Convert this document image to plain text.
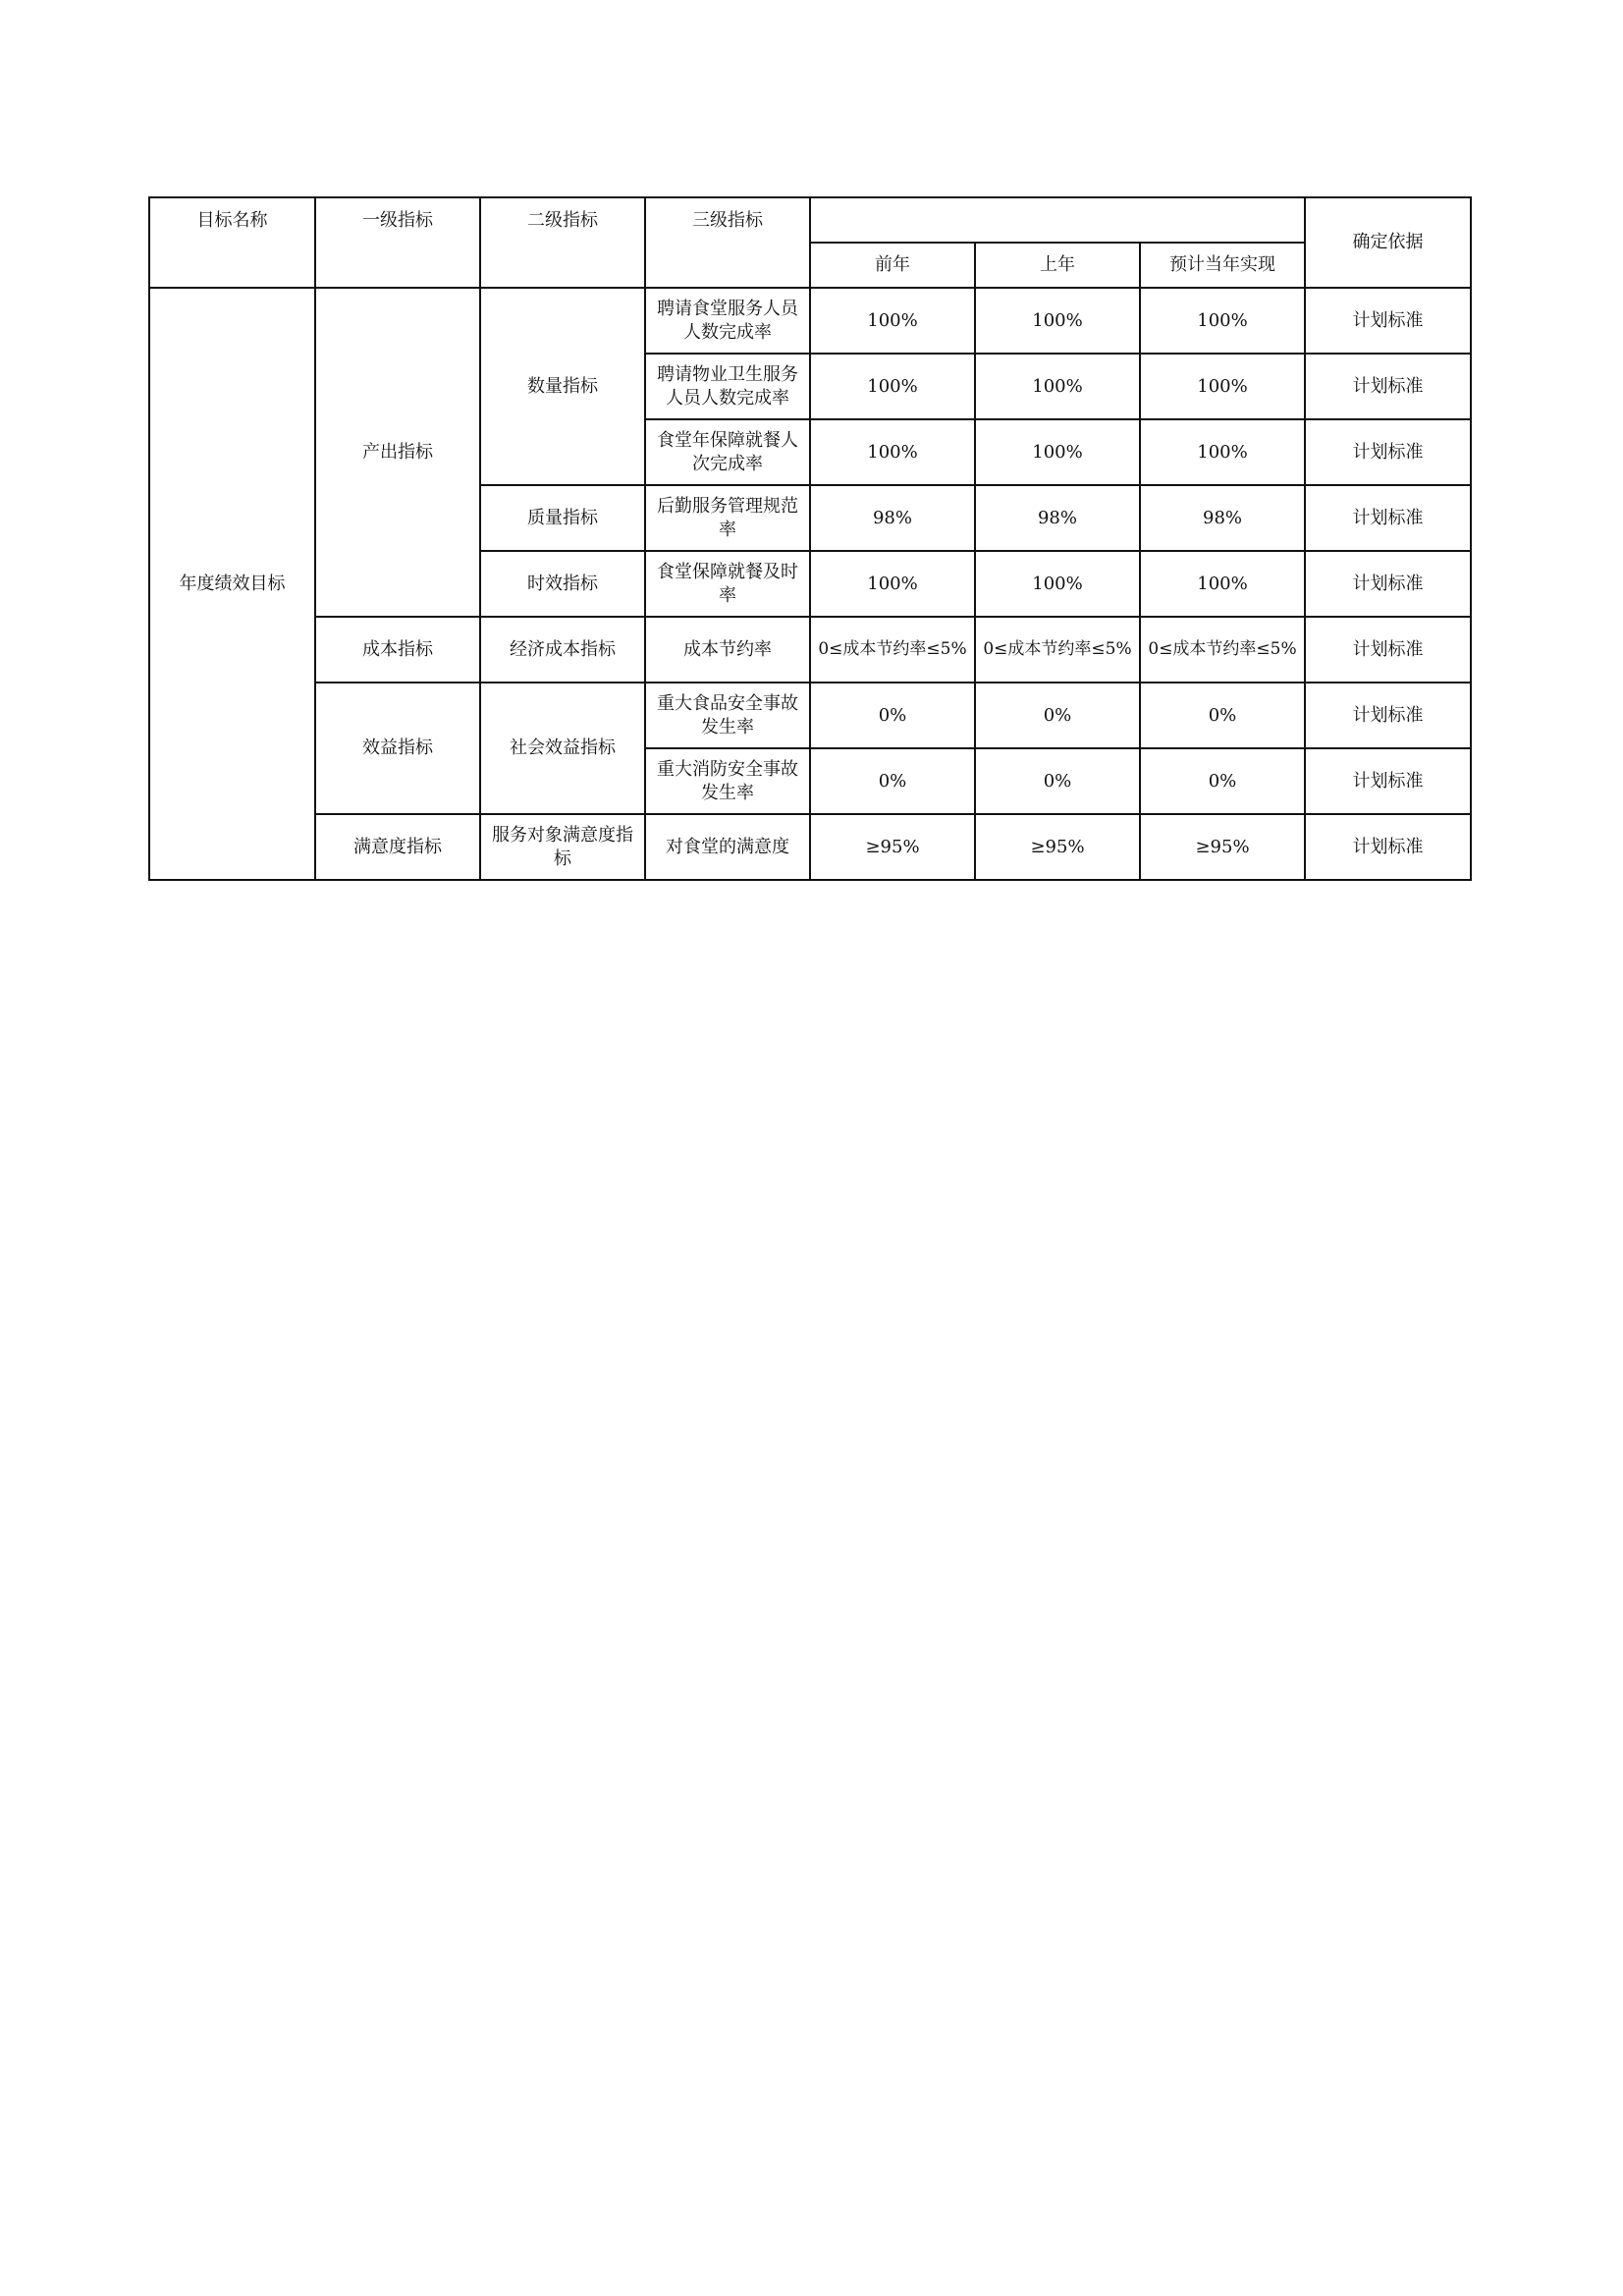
目标名称	一级指标	二级指标	三级指标				确定依据
				前年	上年	预计当年实现	
年度绩效目标	产出指标	数量指标	聘请食堂服务人员人数完成率	100%	100%	100%	计划标准
			聘请物业卫生服务人员人数完成率	100%	100%	100%	计划标准
			食堂年保障就餐人次完成率	100%	100%	100%	计划标准
		质量指标	后勤服务管理规范率	98%	98%	98%	计划标准
		时效指标	食堂保障就餐及时率	100%	100%	100%	计划标准
	成本指标	经济成本指标	成本节约率	0≤成本节约率≤5%	0≤成本节约率≤5%	0≤成本节约率≤5%	计划标准
	效益指标	社会效益指标	重大食品安全事故发生率	0%	0%	0%	计划标准
			重大消防安全事故发生率	0%	0%	0%	计划标准
	满意度指标	服务对象满意度指标	对食堂的满意度	≥95%	≥95%	≥95%	计划标准
